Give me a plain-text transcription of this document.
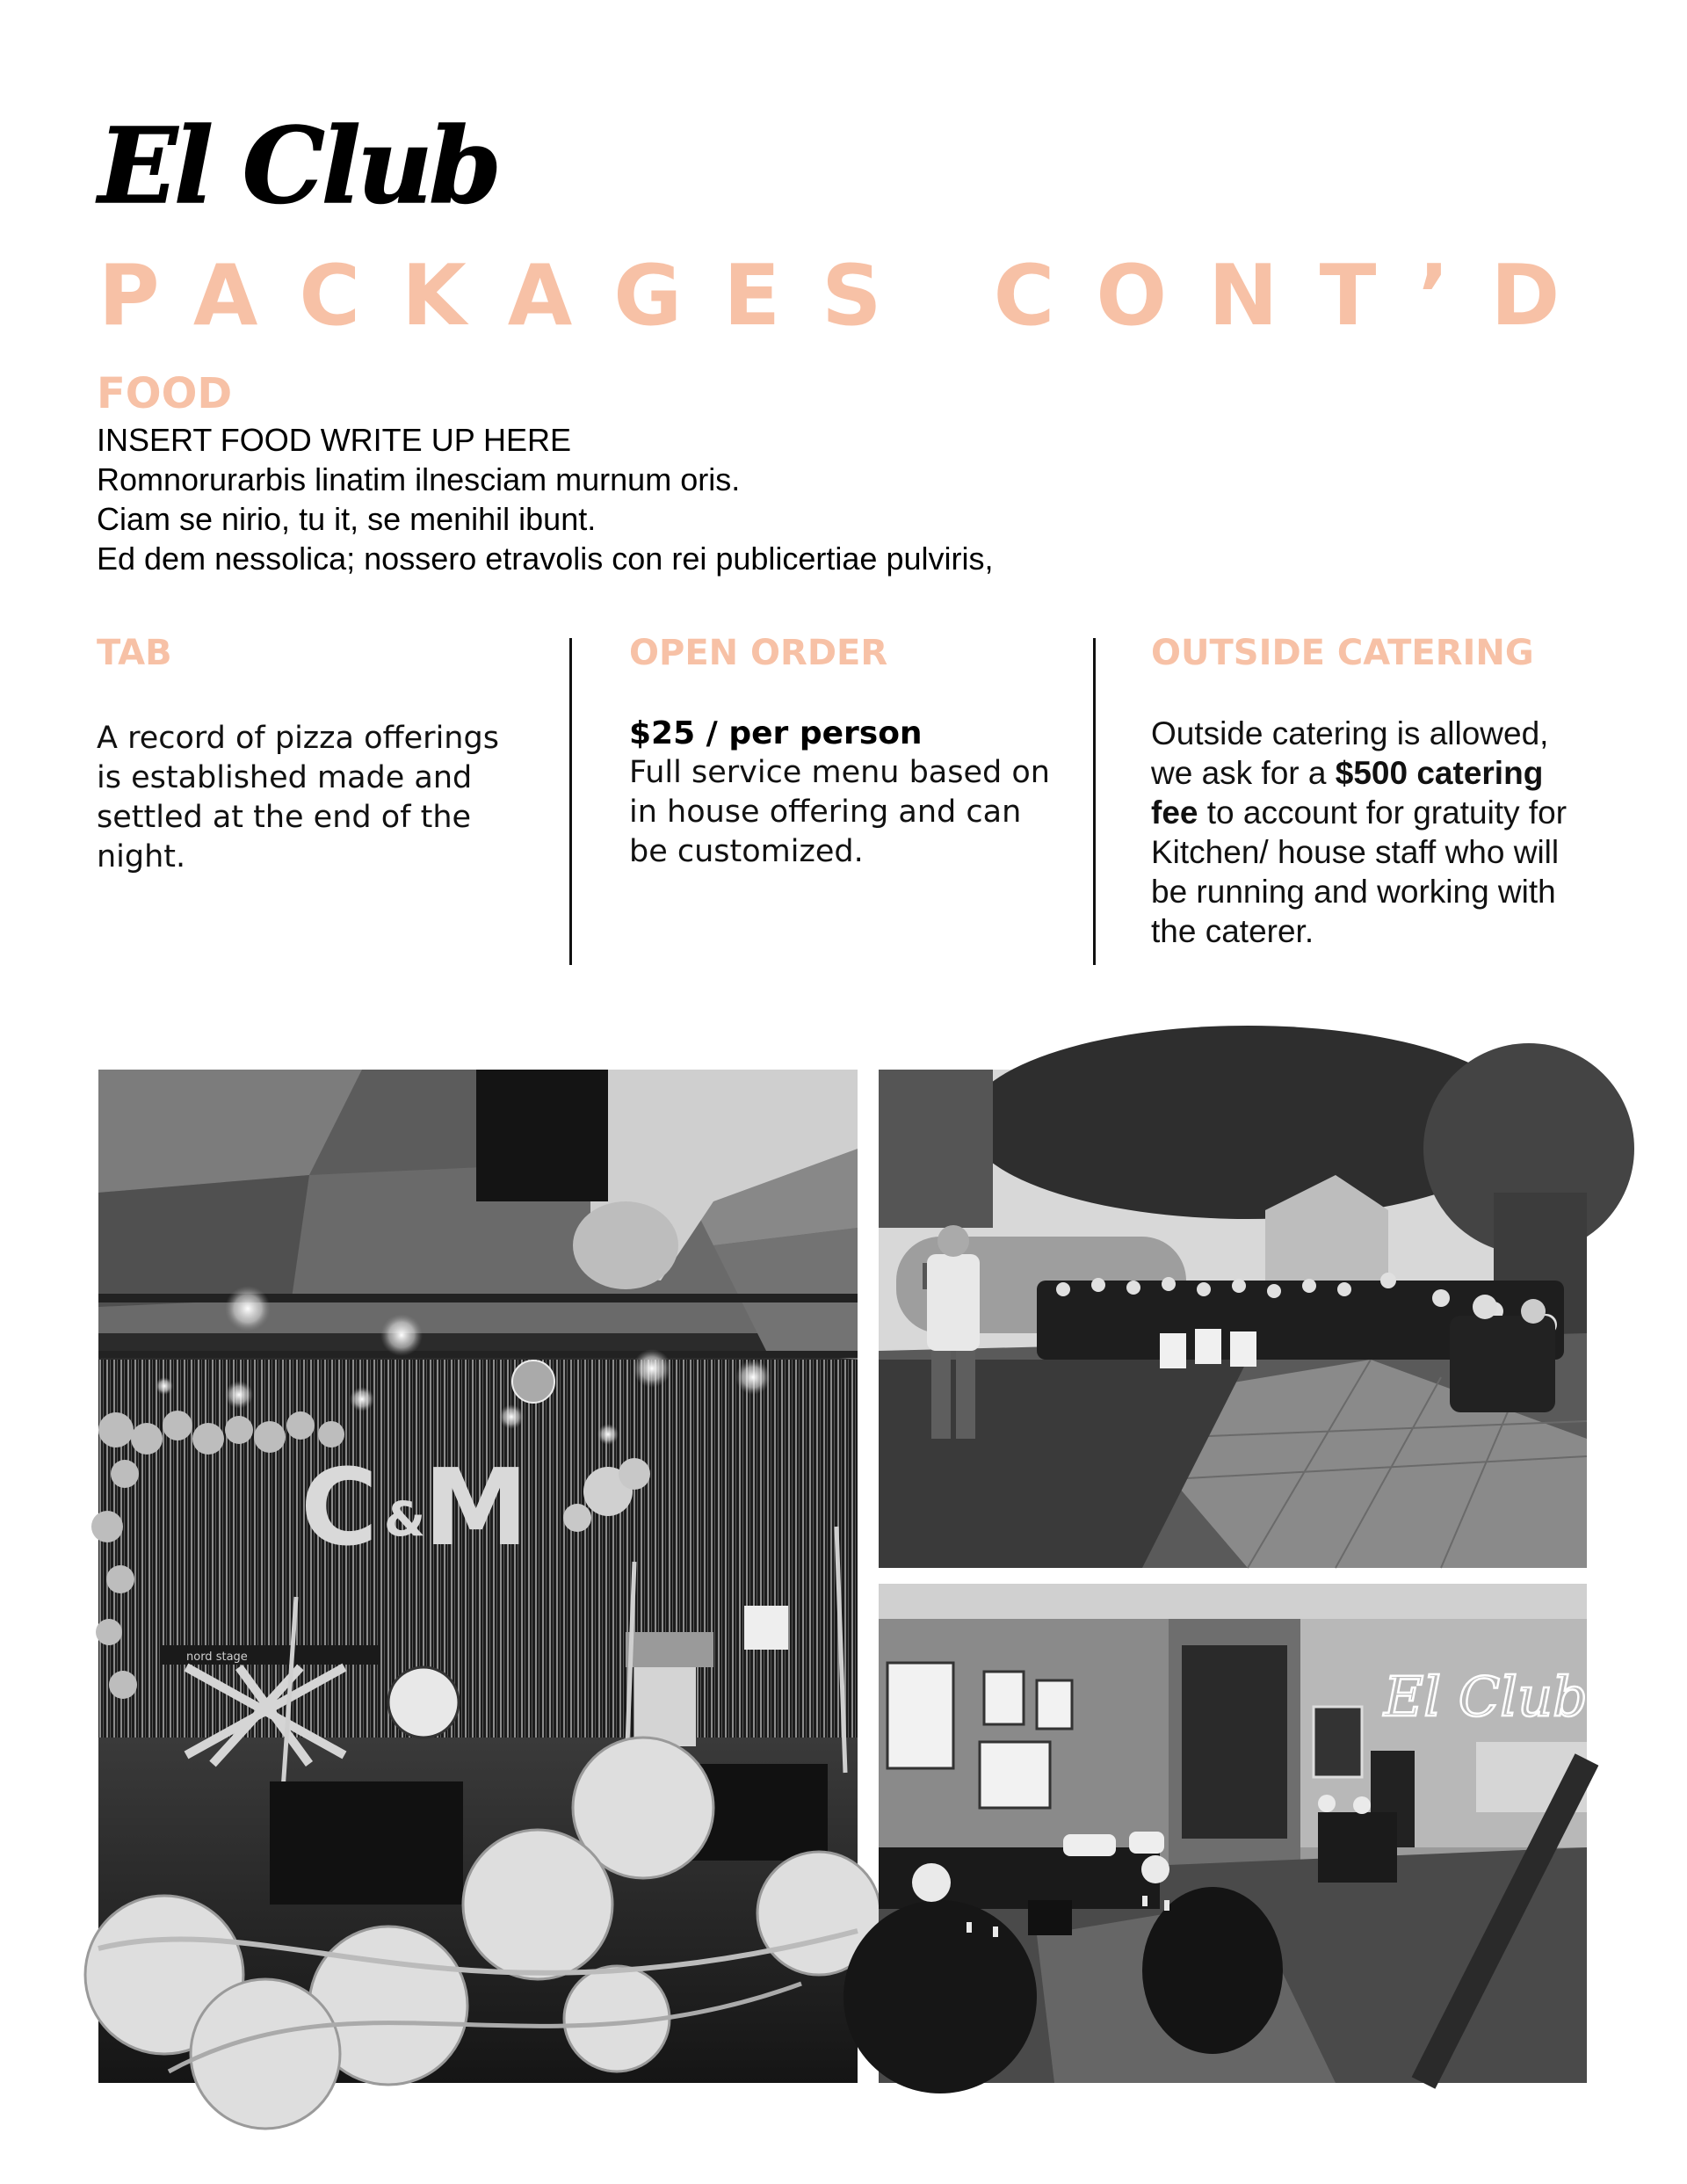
El Club
PACKAGES CONT’D
FOOD
INSERT FOOD WRITE UP HERE
Romnorurarbis linatim ilnesciam murnum oris.
Ciam se nirio, tu it, se menihil ibunt.
Ed dem nessolica; nossero etravolis con rei publicertiae pulviris,
TAB
A record of pizza offerings
is established made and
settled at the end of the
night.
OPEN ORDER
$25 / per person
Full service menu based on
in house offering and can
be customized.
OUTSIDE CATERING
Outside catering is allowed,
we ask for a $500 catering
fee to account for gratuity for
Kitchen/ house staff who will
be running and working with
the caterer.
C &
M
nord stage
El Club
